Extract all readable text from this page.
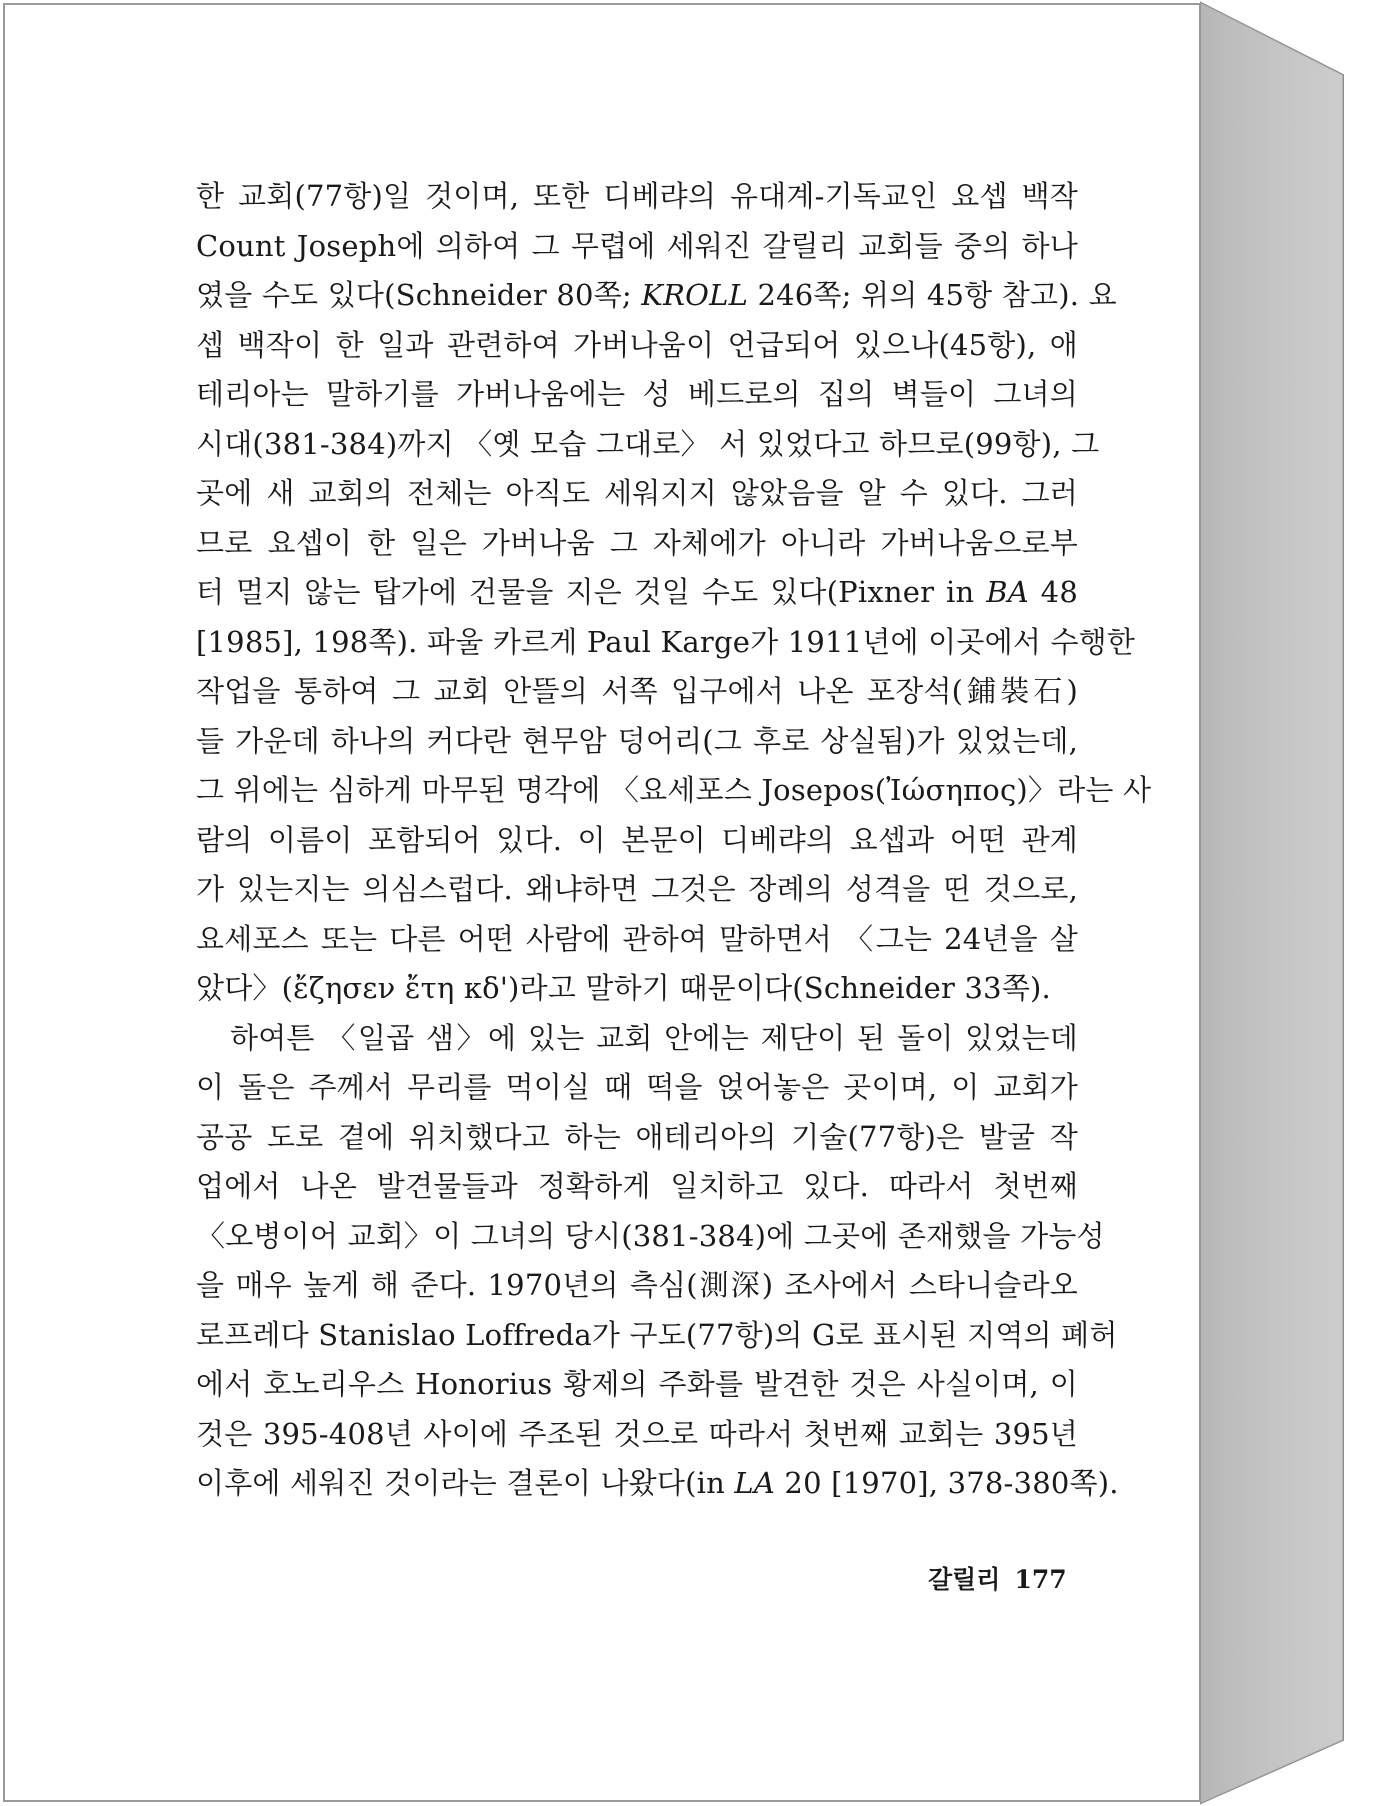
한 교회(77항)일 것이며, 또한 디베랴의 유대계-기독교인 요셉 백작
Count Joseph에 의하여 그 무렵에 세워진 갈릴리 교회들 중의 하나
였을 수도 있다(Schneider 80쪽; KROLL 246쪽; 위의 45항 참고). 요
셉 백작이 한 일과 관련하여 가버나움이 언급되어 있으나(45항), 애
테리아는 말하기를 가버나움에는 성 베드로의 집의 벽들이 그녀의
시대(381-384)까지 〈옛 모습 그대로〉 서 있었다고 하므로(99항), 그
곳에 새 교회의 전체는 아직도 세워지지 않았음을 알 수 있다. 그러
므로 요셉이 한 일은 가버나움 그 자체에가 아니라 가버나움으로부
터 멀지 않는 탑가에 건물을 지은 것일 수도 있다(Pixner in BA 48
[1985], 198쪽). 파울 카르게 Paul Karge가 1911년에 이곳에서 수행한
작업을 통하여 그 교회 안뜰의 서쪽 입구에서 나온 포장석(鋪裝石)
들 가운데 하나의 커다란 현무암 덩어리(그 후로 상실됨)가 있었는데,
그 위에는 심하게 마무된 명각에 〈요세포스 Josepos(Ἰώσηπος)〉라는 사
람의 이름이 포함되어 있다. 이 본문이 디베랴의 요셉과 어떤 관계
가 있는지는 의심스럽다. 왜냐하면 그것은 장례의 성격을 띤 것으로,
요세포스 또는 다른 어떤 사람에 관하여 말하면서 〈그는 24년을 살
았다〉(ἔζησεν ἔτη κδ')라고 말하기 때문이다(Schneider 33쪽).
하여튼 〈일곱 샘〉에 있는 교회 안에는 제단이 된 돌이 있었는데
이 돌은 주께서 무리를 먹이실 때 떡을 얹어놓은 곳이며, 이 교회가
공공 도로 곁에 위치했다고 하는 애테리아의 기술(77항)은 발굴 작
업에서 나온 발견물들과 정확하게 일치하고 있다. 따라서 첫번째
〈오병이어 교회〉이 그녀의 당시(381-384)에 그곳에 존재했을 가능성
을 매우 높게 해 준다. 1970년의 측심(測深) 조사에서 스타니슬라오
로프레다 Stanislao Loffreda가 구도(77항)의 G로 표시된 지역의 폐허
에서 호노리우스 Honorius 황제의 주화를 발견한 것은 사실이며, 이
것은 395-408년 사이에 주조된 것으로 따라서 첫번째 교회는 395년
이후에 세워진 것이라는 결론이 나왔다(in LA 20 [1970], 378-380쪽).
갈릴리 177
